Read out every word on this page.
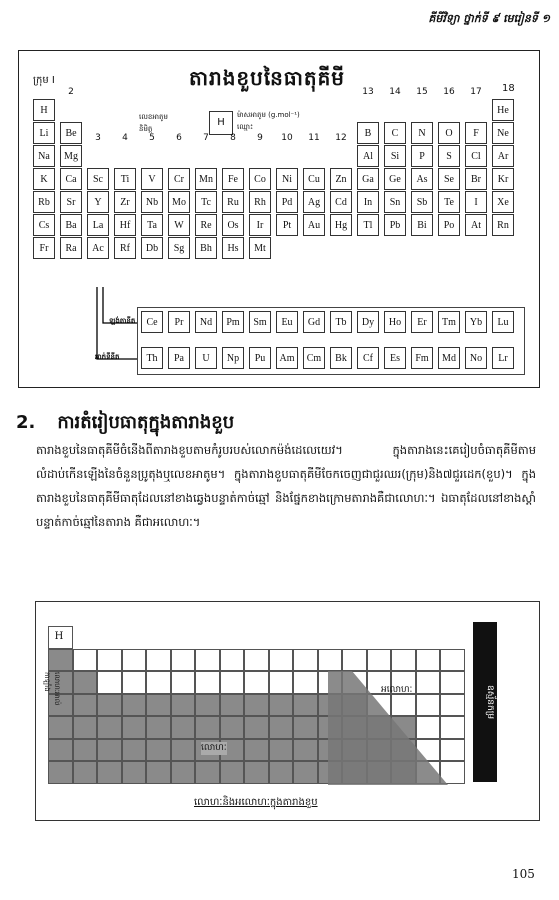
គីមីវិទ្យា ថ្នាក់ទី ៩ មេរៀនទី ១
តារាងខួបនៃធាតុគីមី
ក្រុម I
18
លេខអាតូម
និមិត្ត
H
ម៉ាសអាតូម (g.mol⁻¹)
ឈ្មោះ
2
3	4	5	6	7	8	9	10	11	12
13	14	15	16	17
H	He
Li	Be	B	C	N	O	F	Ne
Na	Mg	Al	Si	P	S	Cl	Ar
K	Ca	Sc	Ti	V	Cr	Mn	Fe	Co	Ni	Cu	Zn	Ga	Ge	As	Se	Br	Kr
Rb	Sr	Y	Zr	Nb	Mo	Tc	Ru	Rh	Pd	Ag	Cd	In	Sn	Sb	Te	I	Xe
Cs	Ba	La	Hf	Ta	W	Re	Os	Ir	Pt	Au	Hg	Tl	Pb	Bi	Po	At	Rn
Fr	Ra	Ac	Rf	Db	Sg	Bh	Hs	Mt
ឡង់តានីត
អាក់ទីនីត
Ce	Pr	Nd	Pm	Sm	Eu	Gd	Tb	Dy	Ho	Er	Tm	Yb	Lu
Th	Pa	U	Np	Pu	Am	Cm	Bk	Cf	Es	Fm	Md	No	Lr
2. ការតំរៀបធាតុក្នុងតារាងខួប
តារាងខួបនៃធាតុគីមីចំនើងពីតារាងខួបតាមកំរូបរបស់លោកម៉ង់ដេលេយេវ។ ក្នុងតារាងនេះគេរៀបចំធាតុគីមីតាមលំដាប់កើនឡើងនៃចំនួនប្រូតុងឬលេខអាតូម។ ក្នុងតារាងខួបធាតុគីមីចែកចេញជាជួរឈរ(ក្រុម)និង៧ជួរដេក(ខួប)។ ក្នុងតារាងខួបនៃធាតុគីមីធាតុដែលនៅខាងឆ្វេងបន្ទាត់កាច់ឆ្មៅ និងផ្នែកខាងក្រោមតារាងគឺជាលោហៈ។ ឯធាតុដែលនៅខាងស្តាំបន្ទាត់កាច់ឆ្មៅនៃតារាង គឺជាអលោហៈ។
H
អលោហៈ
លោហៈ
លោហៈអាល់កាឡាំង
ឧស្ម័នកម្រ
លោហៈនិងអលោហៈក្នុងតារាងខួប
105
